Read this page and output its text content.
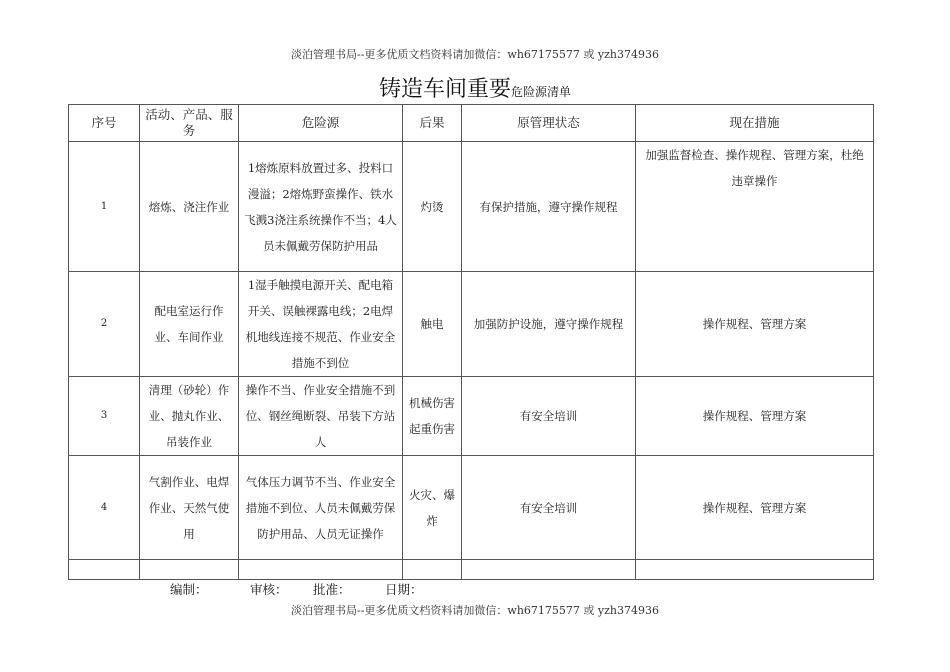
淡泊管理书局--更多优质文档资料请加微信：wh67175577 或 yzh374936
铸造车间重要危险源清单
序号	活动、产品、服务	危险源	后果	原管理状态	现在措施
1	熔炼、浇注作业	1熔炼原料放置过多、投料口漫溢；2熔炼野蛮操作、铁水飞溅3浇注系统操作不当；4人员未佩戴劳保防护用品	灼烫	有保护措施，遵守操作规程	加强监督检查、操作规程、管理方案，杜绝违章操作
2	配电室运行作业、车间作业	1湿手触摸电源开关、配电箱开关、误触裸露电线；2电焊机地线连接不规范、作业安全措施不到位	触电	加强防护设施，遵守操作规程	操作规程、管理方案
3	清理（砂轮）作业、抛丸作业、吊装作业	操作不当、作业安全措施不到位、钢丝绳断裂、吊装下方站人	机械伤害起重伤害	有安全培训	操作规程、管理方案
4	气割作业、电焊作业、天然气使用	气体压力调节不当、作业安全措施不到位、人员未佩戴劳保防护用品、人员无证操作	火灾、爆炸	有安全培训	操作规程、管理方案

编制：	审核： 批准：	日期：
淡泊管理书局--更多优质文档资料请加微信：wh67175577 或 yzh374936
